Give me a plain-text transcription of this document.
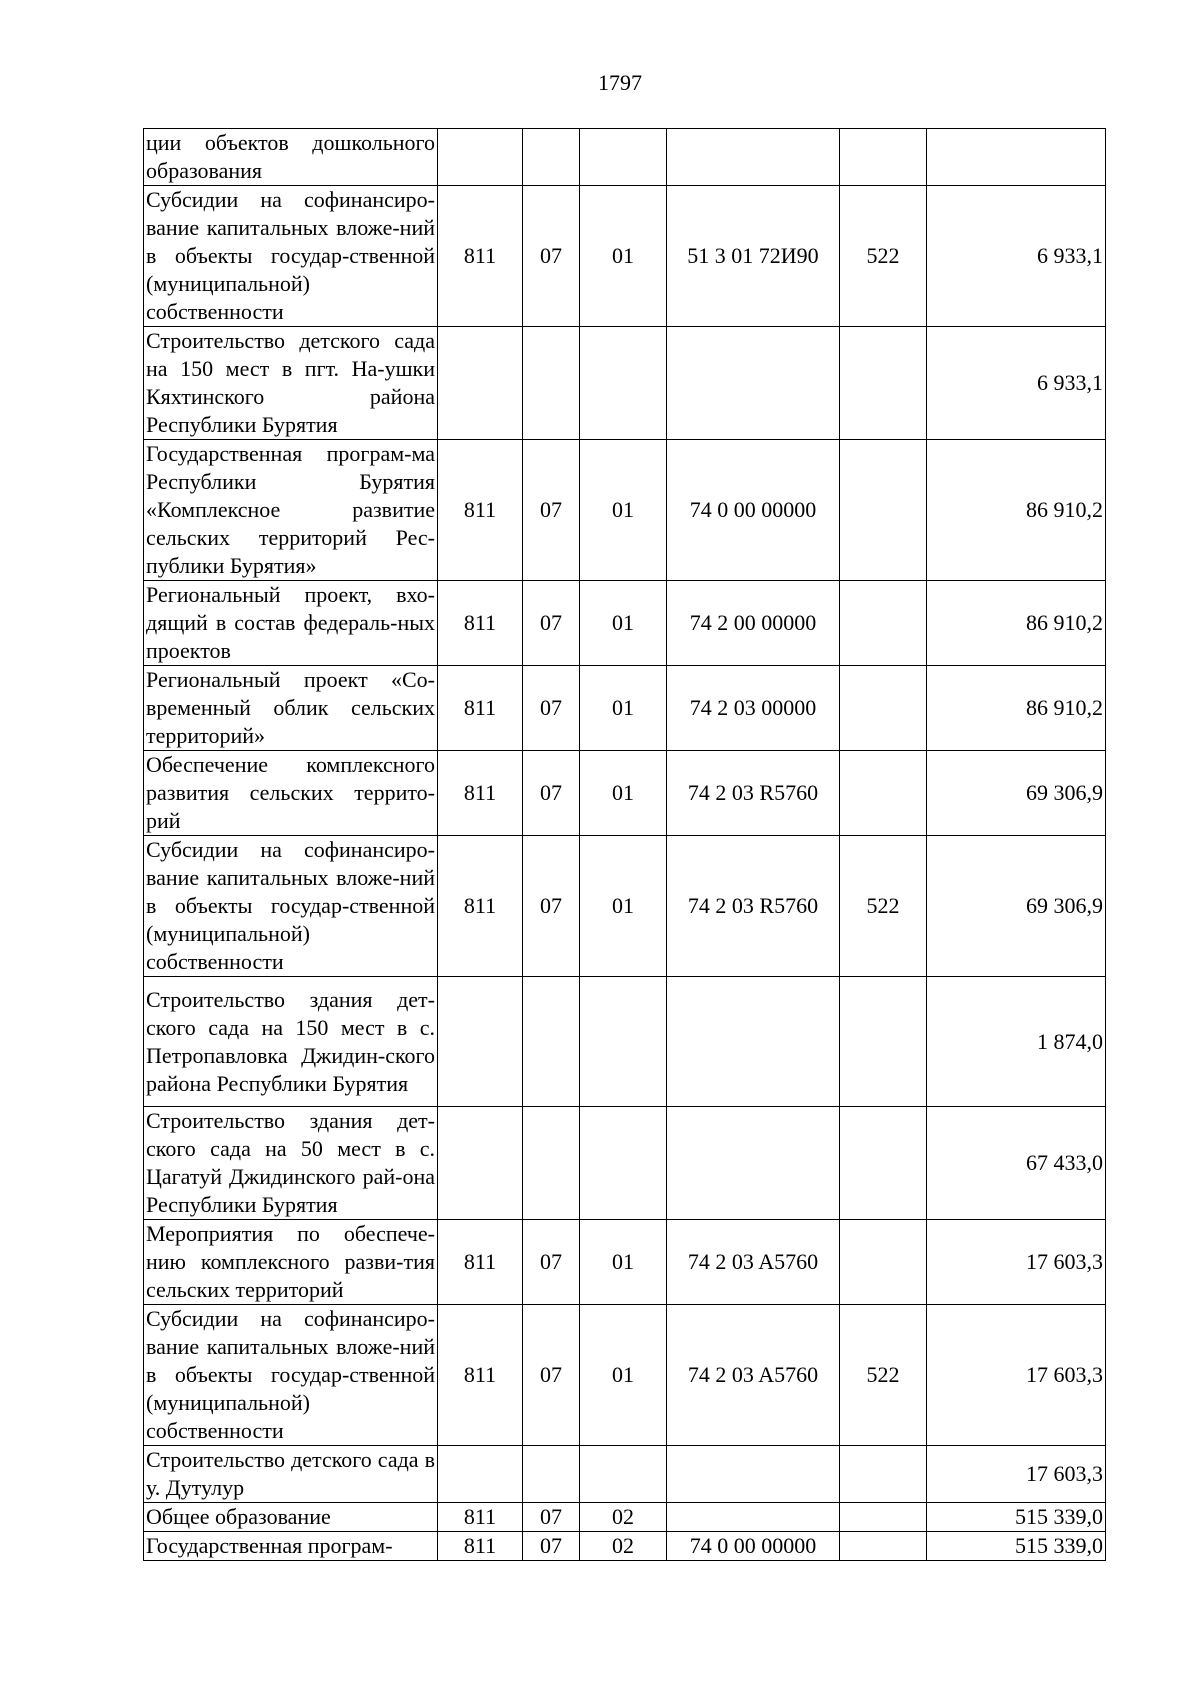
1797
ции объектов дошкольного образования						
Субсидии на софинансиро-вание капитальных вложе-ний в объекты государ-ственной (муниципальной) собственности	811	07	01	51 3 01 72И90	522	6 933,1
Строительство детского сада на 150 мест в пгт. На-ушки Кяхтинского района Республики Бурятия						6 933,1
Государственная програм-ма Республики Бурятия «Комплексное развитие сельских территорий Рес-публики Бурятия»	811	07	01	74 0 00 00000		86 910,2
Региональный проект, вхо-дящий в состав федераль-ных проектов	811	07	01	74 2 00 00000		86 910,2
Региональный проект «Со-временный облик сельских территорий»	811	07	01	74 2 03 00000		86 910,2
Обеспечение комплексного развития сельских террито-рий	811	07	01	74 2 03 R5760		69 306,9
Субсидии на софинансиро-вание капитальных вложе-ний в объекты государ-ственной (муниципальной) собственности	811	07	01	74 2 03 R5760	522	69 306,9
Строительство здания дет-ского сада на 150 мест в с. Петропавловка Джидин-ского района Республики Бурятия						1 874,0
Строительство здания дет-ского сада на 50 мест в с. Цагатуй Джидинского рай-она Республики Бурятия						67 433,0
Мероприятия по обеспече-нию комплексного разви-тия сельских территорий	811	07	01	74 2 03 A5760		17 603,3
Субсидии на софинансиро-вание капитальных вложе-ний в объекты государ-ственной (муниципальной) собственности	811	07	01	74 2 03 A5760	522	17 603,3
Строительство детского сада в у. Дутулур						17 603,3
Общее образование	811	07	02			515 339,0
Государственная програм-	811	07	02	74 0 00 00000		515 339,0
